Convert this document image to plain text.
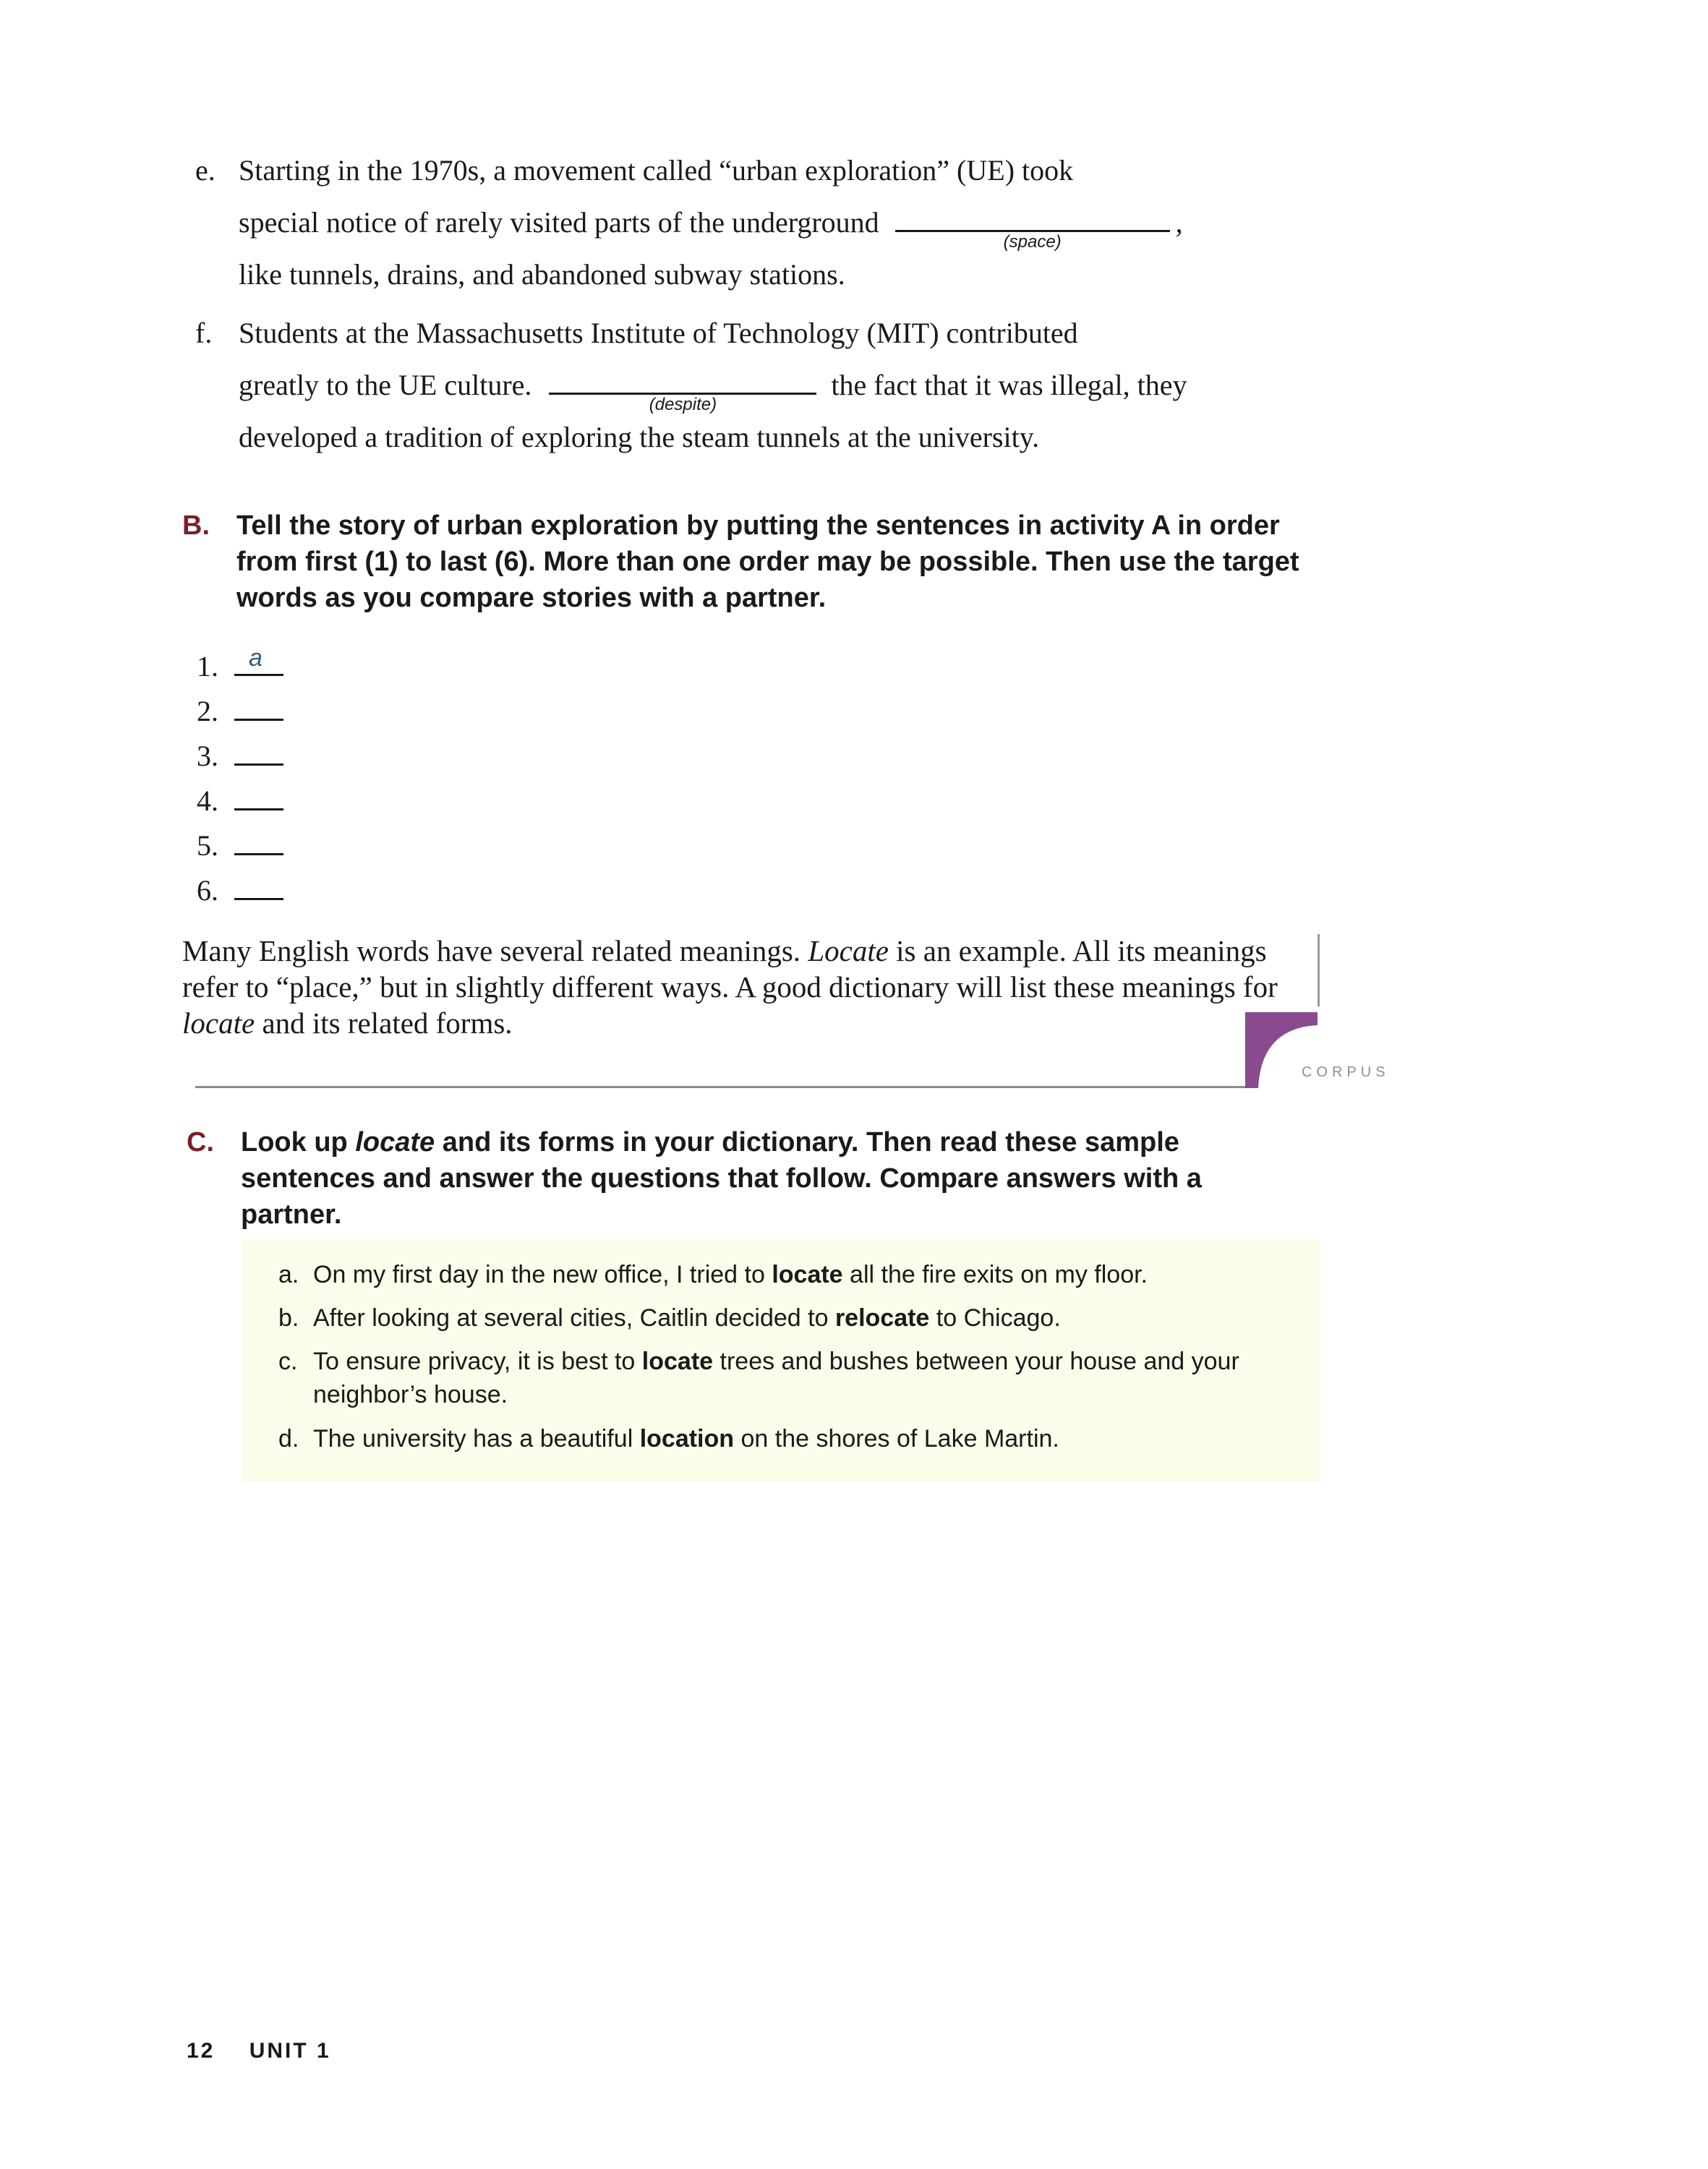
e. Starting in the 1970s, a movement called “urban exploration” (UE) took
special notice of rarely visited parts of the underground
(space)
,
like tunnels, drains, and abandoned subway stations.
f. Students at the Massachusetts Institute of Technology (MIT) contributed
greatly to the UE culture.
(despite)
the fact that it was illegal, they
developed a tradition of exploring the steam tunnels at the university.
B. Tell the story of urban exploration by putting the sentences in activity A in order from first (1) to last (6). More than one order may be possible. Then use the target words as you compare stories with a partner.
1. a
2.
3.
4.
5.
6.
Many English words have several related meanings. Locate is an example. All its meanings refer to “place,” but in slightly different ways. A good dictionary will list these meanings for locate and its related forms.
CORPUS
C. Look up locate and its forms in your dictionary. Then read these sample sentences and answer the questions that follow. Compare answers with a partner.
a. On my first day in the new office, I tried to locate all the fire exits on my floor.
b. After looking at several cities, Caitlin decided to relocate to Chicago.
c. To ensure privacy, it is best to locate trees and bushes between your house and your neighbor’s house.
d. The university has a beautiful location on the shores of Lake Martin.
12 UNIT 1
